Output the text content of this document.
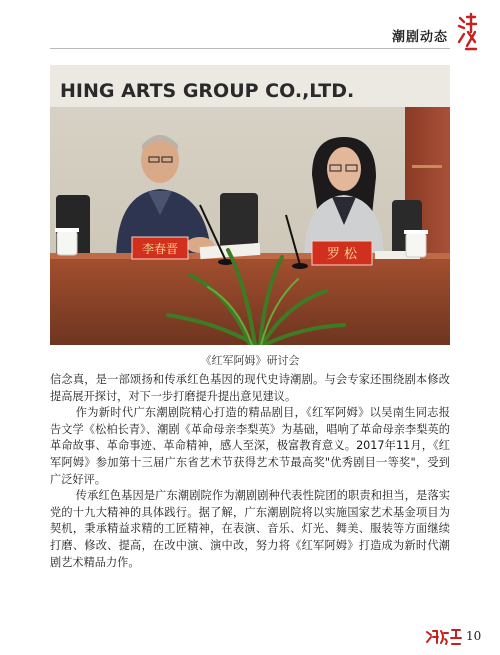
潮剧动态
HING ARTS GROUP CO.,LTD.
李春晋	罗 松
《红军阿姆》研讨会

信念真，是一部颂扬和传承红色基因的现代史诗潮剧。与会专家还围绕剧本修改提高展开探讨，对下一步打磨提升提出意见建议。

作为新时代广东潮剧院精心打造的精品剧目，《红军阿姆》以吴南生同志报告文学《松柏长青》、潮剧《革命母亲李梨英》为基础，唱响了革命母亲李梨英的革命故事、革命事迹、革命精神，感人至深，极富教育意义。2017年11月，《红军阿姆》参加第十三届广东省艺术节获得艺术节最高奖"优秀剧目一等奖"，受到广泛好评。

传承红色基因是广东潮剧院作为潮剧剧种代表性院团的职责和担当，是落实党的十九大精神的具体践行。据了解，广东潮剧院将以实施国家艺术基金项目为契机，秉承精益求精的工匠精神，在表演、音乐、灯光、舞美、服装等方面继续打磨、修改、提高，在改中演、演中改，努力将《红军阿姆》打造成为新时代潮剧艺术精品力作。

10
